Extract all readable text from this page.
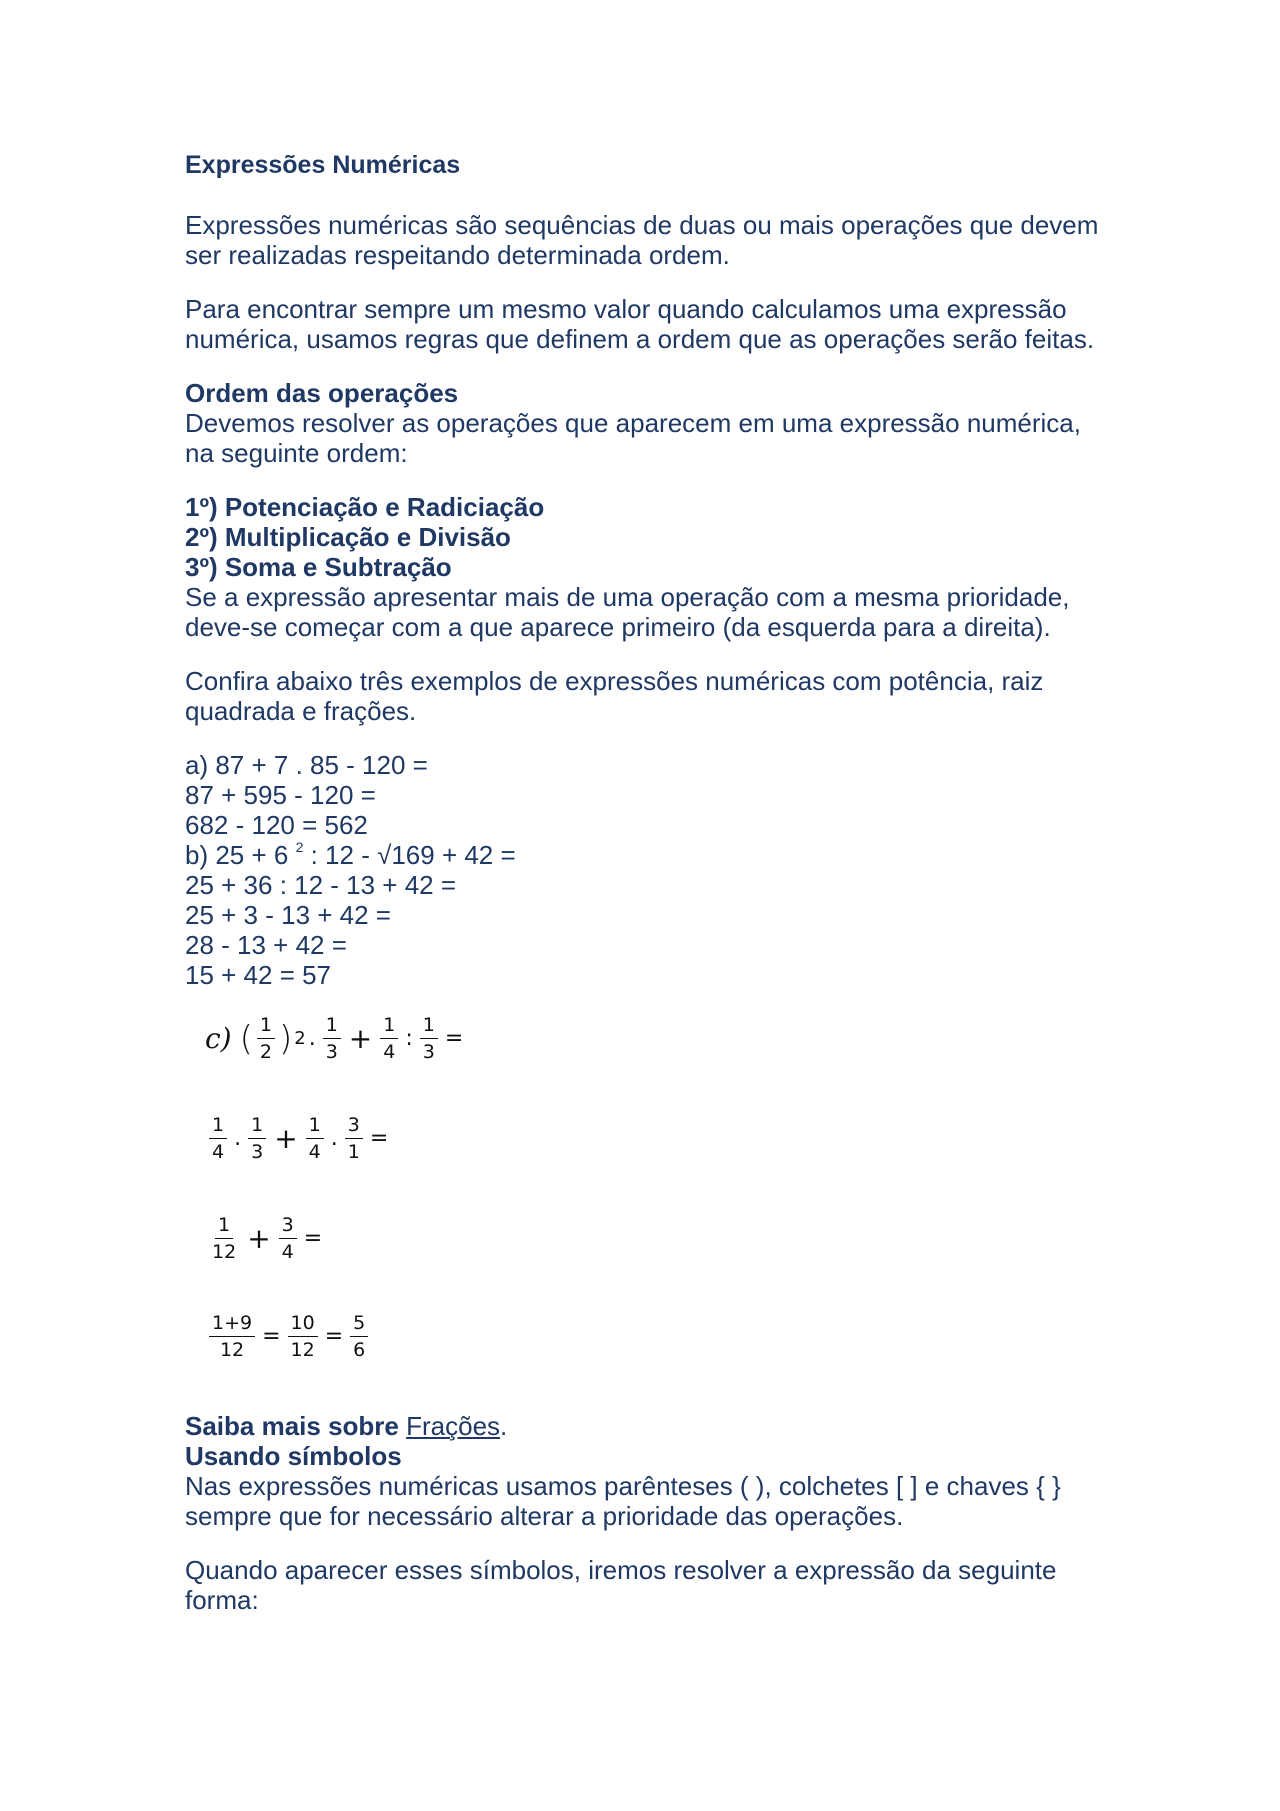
Expressões Numéricas

Expressões numéricas são sequências de duas ou mais operações que devem
ser realizadas respeitando determinada ordem.

Para encontrar sempre um mesmo valor quando calculamos uma expressão
numérica, usamos regras que definem a ordem que as operações serão feitas.

Ordem das operações
Devemos resolver as operações que aparecem em uma expressão numérica,
na seguinte ordem:
1º) Potenciação e Radiciação
2º) Multiplicação e Divisão
3º) Soma e Subtração
Se a expressão apresentar mais de uma operação com a mesma prioridade,
deve-se começar com a que aparece primeiro (da esquerda para a direita).

Confira abaixo três exemplos de expressões numéricas com potência, raiz
quadrada e frações.

a) 87 + 7 . 85 - 120 =
87 + 595 - 120 =
682 - 120 = 562
b) 25 + 6 $^2$ : 12 - √169 + 42 =
25 + 36 : 12 - 13 + 42 =
25 + 3 - 13 + 42 =
28 - 13 + 42 =
15 + 42 = 57
c) ( $\frac{1}{2}$ ) 2 . $\frac{1}{3} + \frac{1}{4}$ : $\frac{1}{3}$ =
$\frac{1}{4}$ . $\frac{1}{3} + \frac{1}{4}$ . $\frac{3}{1}$ =
$\frac{1}{12} + \frac{3}{4}$ =
$\frac{1+9}{12} = \frac{10}{12} = \frac{5}{6}$
Saiba mais sobre Frações.
Usando símbolos
Nas expressões numéricas usamos parênteses ( ), colchetes [ ] e chaves { }
sempre que for necessário alterar a prioridade das operações.

Quando aparecer esses símbolos, iremos resolver a expressão da seguinte
forma:
